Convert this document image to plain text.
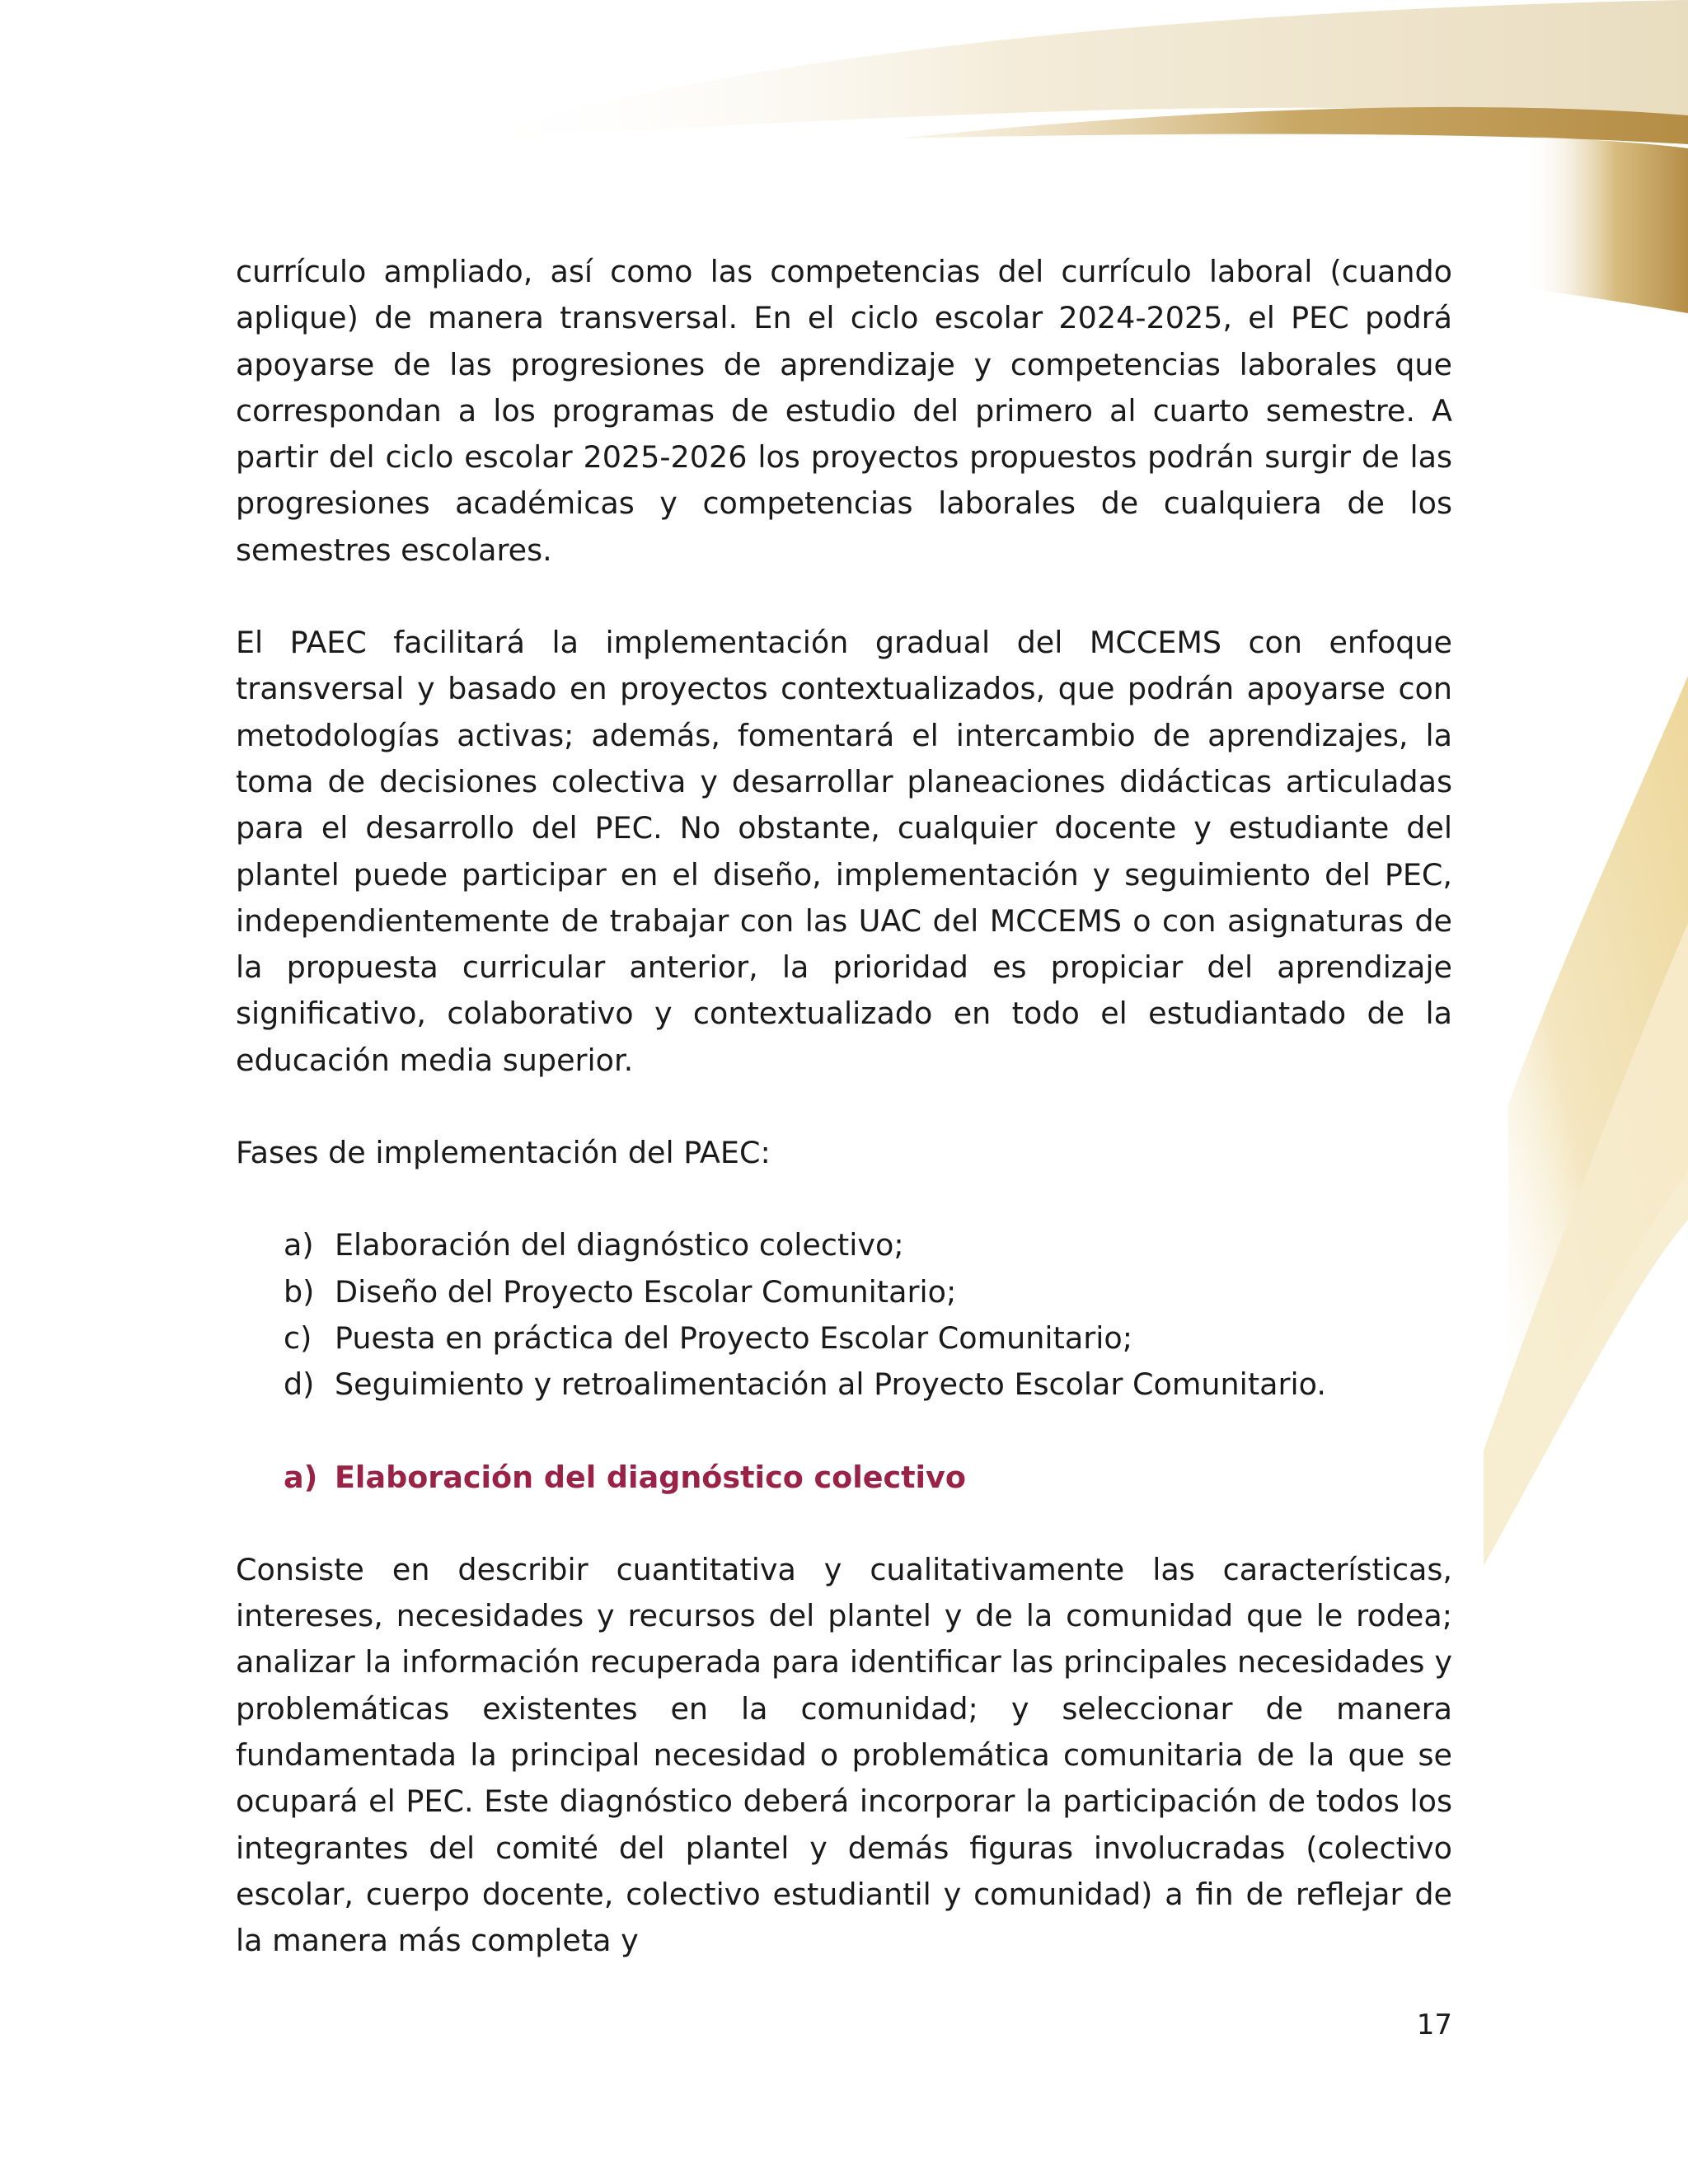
currículo ampliado, así como las competencias del currículo laboral (cuando aplique) de manera transversal. En el ciclo escolar 2024-2025, el PEC podrá apoyarse de las progresiones de aprendizaje y competencias laborales que correspondan a los programas de estudio del primero al cuarto semestre. A partir del ciclo escolar 2025-2026 los proyectos propuestos podrán surgir de las progresiones académicas y competencias laborales de cualquiera de los semestres escolares.

El PAEC facilitará la implementación gradual del MCCEMS con enfoque transversal y basado en proyectos contextualizados, que podrán apoyarse con metodologías activas; además, fomentará el intercambio de aprendizajes, la toma de decisiones colectiva y desarrollar planeaciones didácticas articuladas para el desarrollo del PEC. No obstante, cualquier docente y estudiante del plantel puede participar en el diseño, implementación y seguimiento del PEC, independientemente de trabajar con las UAC del MCCEMS o con asignaturas de la propuesta curricular anterior, la prioridad es propiciar del aprendizaje significativo, colaborativo y contextualizado en todo el estudiantado de la educación media superior.

Fases de implementación del PAEC:

a) Elaboración del diagnóstico colectivo;
b) Diseño del Proyecto Escolar Comunitario;
c) Puesta en práctica del Proyecto Escolar Comunitario;
d) Seguimiento y retroalimentación al Proyecto Escolar Comunitario.
a) Elaboración del diagnóstico colectivo

Consiste en describir cuantitativa y cualitativamente las características, intereses, necesidades y recursos del plantel y de la comunidad que le rodea; analizar la información recuperada para identificar las principales necesidades y problemáticas existentes en la comunidad; y seleccionar de manera fundamentada la principal necesidad o problemática comunitaria de la que se ocupará el PEC. Este diagnóstico deberá incorporar la participación de todos los integrantes del comité del plantel y demás figuras involucradas (colectivo escolar, cuerpo docente, colectivo estudiantil y comunidad) a fin de reflejar de la manera más completa y

17
